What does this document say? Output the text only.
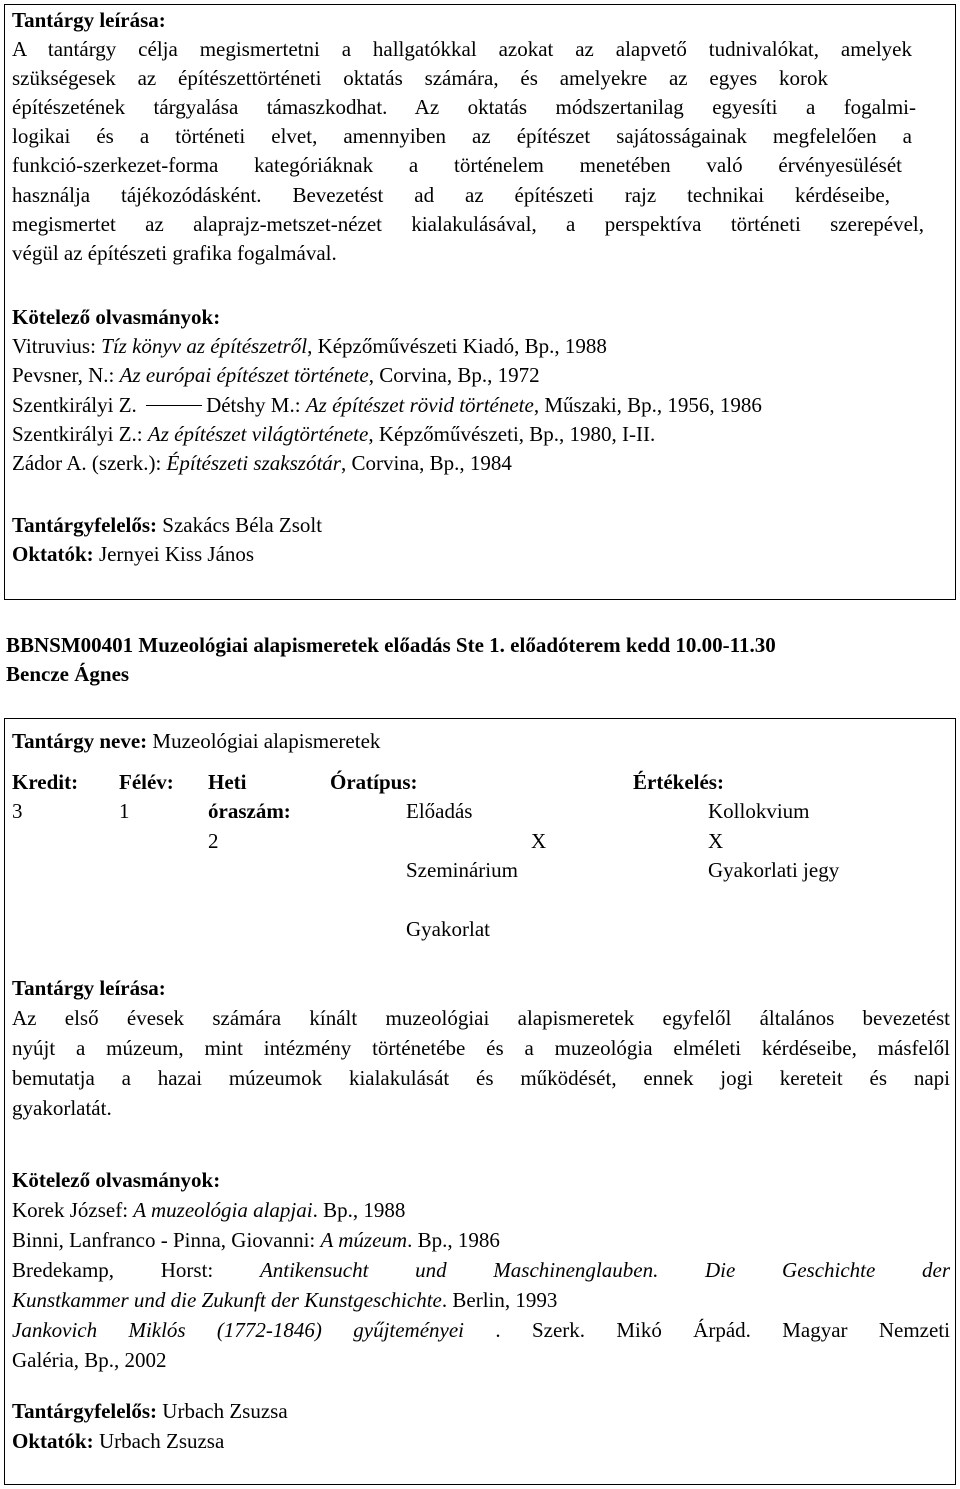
Tantárgy leírása:
A tantárgy célja megismertetni a hallgatókkal azokat az alapvető tudnivalókat, amelyek
szükségesek az építészettörténeti oktatás számára, és amelyekre az egyes korok
építészetének tárgyalása támaszkodhat. Az oktatás módszertanilag egyesíti a fogalmi-
logikai és a történeti elvet, amennyiben az építészet sajátosságainak megfelelően a
funkció-szerkezet-forma kategóriáknak a történelem menetében való érvényesülését
használja tájékozódásként. Bevezetést ad az építészeti rajz technikai kérdéseibe,
megismertet az alaprajz-metszet-nézet kialakulásával, a perspektíva történeti szerepével,
végül az építészeti grafika fogalmával.
Kötelező olvasmányok:
Vitruvius: Tíz könyv az építészetről, Képzőművészeti Kiadó, Bp., 1988
Pevsner, N.: Az európai építészet története, Corvina, Bp., 1972
Szentkirályi Z.	Détshy M.: Az építészet rövid története, Műszaki, Bp., 1956, 1986
Szentkirályi Z.: Az építészet világtörténete, Képzőművészeti, Bp., 1980, I-II.
Zádor A. (szerk.): Építészeti szakszótár, Corvina, Bp., 1984
Tantárgyfelelős: Szakács Béla Zsolt
Oktatók: Jernyei Kiss János
BBNSM00401 Muzeológiai alapismeretek előadás Ste 1. előadóterem kedd 10.00-11.30
Bencze Ágnes
Tantárgy neve: Muzeológiai alapismeretek
Kredit:
3
Félév:
1
Heti
óraszám:
2
Óratípus:
Előadás
X
Szeminárium
Gyakorlat
Értékelés:
Kollokvium
X
Gyakorlati jegy
Tantárgy leírása:
Az első évesek számára kínált muzeológiai alapismeretek egyfelől általános bevezetést
nyújt a múzeum, mint intézmény történetébe és a muzeológia elméleti kérdéseibe, másfelől
bemutatja a hazai múzeumok kialakulását és működését, ennek jogi kereteit és napi
gyakorlatát.
Kötelező olvasmányok:
Korek József: A muzeológia alapjai. Bp., 1988
Binni, Lanfranco - Pinna, Giovanni: A múzeum. Bp., 1986
Bredekamp, Horst: Antikensucht und Maschinenglauben. Die Geschichte der
Kunstkammer und die Zukunft der Kunstgeschichte. Berlin, 1993
Jankovich Miklós (1772-1846) gyűjteményei . Szerk. Mikó Árpád. Magyar Nemzeti
Galéria, Bp., 2002
Tantárgyfelelős: Urbach Zsuzsa
Oktatók: Urbach Zsuzsa
